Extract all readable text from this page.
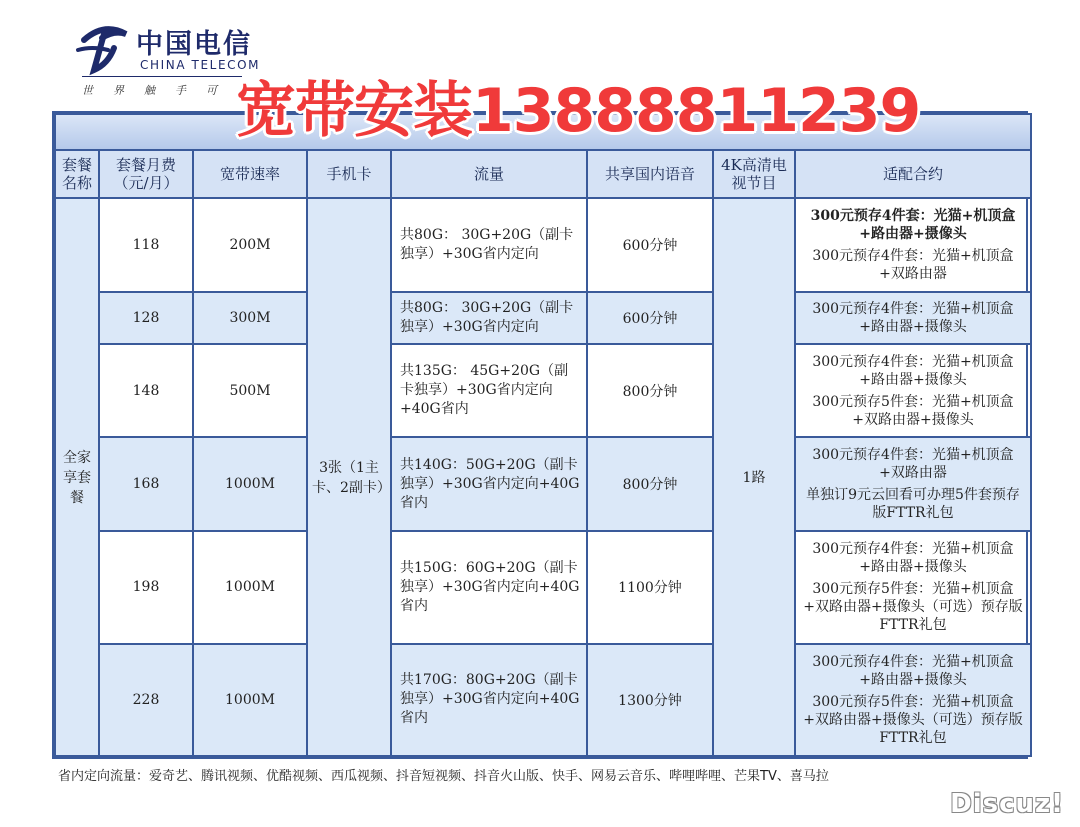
中国电信
CHINA TELECOM
世界触手可 宽带安装13888811239

套餐名称	套餐月费（元/月）	宽带速率	手机卡	流量	共享国内语音	4K高清电视节目	适配合约
全家享套餐	118	200M	3张（1主卡、2副卡）	共80G： 30G+20G（副卡独享）+30G省内定向	600分钟	1路	300元预存4件套：光猫+机顶盒+路由器+摄像头
300元预存4件套：光猫+机顶盒+双路由器

	128	300M		共80G： 30G+20G（副卡独享）+30G省内定向	600分钟		300元预存4件套：光猫+机顶盒+路由器+摄像头

	148	500M		共135G： 45G+20G（副卡独享）+30G省内定向+40G省内	800分钟		300元预存4件套：光猫+机顶盒+路由器+摄像头
300元预存5件套：光猫+机顶盒+双路由器+摄像头

	168	1000M		共140G：50G+20G（副卡独享）+30G省内定向+40G省内	800分钟		300元预存4件套：光猫+机顶盒+双路由器
单独订9元云回看可办理5件套预存版FTTR礼包

	198	1000M		共150G：60G+20G（副卡独享）+30G省内定向+40G省内	1100分钟		300元预存4件套：光猫+机顶盒+路由器+摄像头
300元预存5件套：光猫+机顶盒+双路由器+摄像头（可选）预存版FTTR礼包

	228	1000M		共170G：80G+20G（副卡独享）+30G省内定向+40G省内	1300分钟		300元预存4件套：光猫+机顶盒+路由器+摄像头
300元预存5件套：光猫+机顶盒+双路由器+摄像头（可选）预存版FTTR礼包
省内定向流量：爱奇艺、腾讯视频、优酷视频、西瓜视频、抖音短视频、抖音火山版、快手、网易云音乐、哔哩哔哩、芒果TV、喜马拉
Discuz!
